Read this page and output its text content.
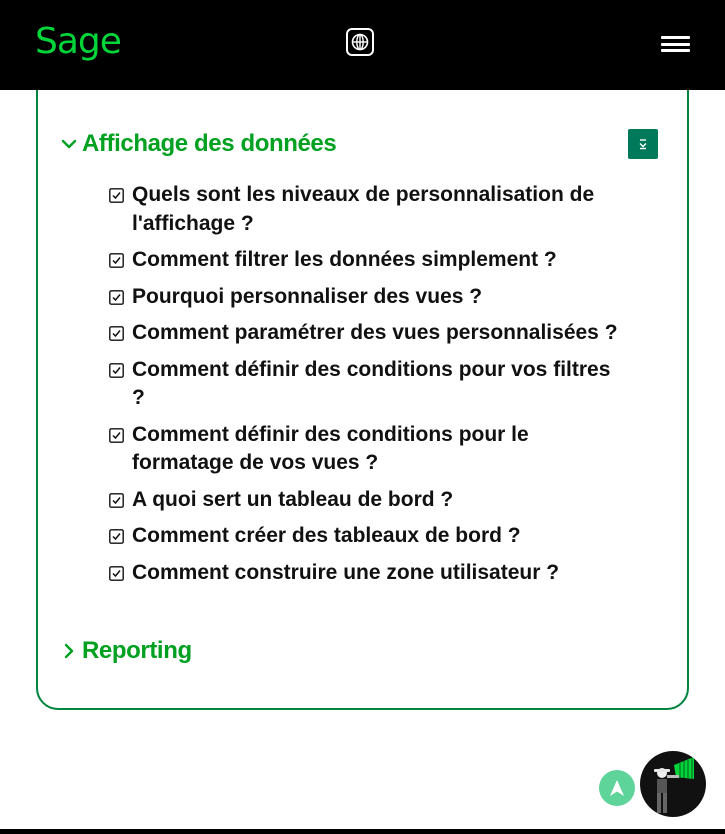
Sage
Affichage des données
Quels sont les niveaux de personnalisation de l'affichage ?
Comment filtrer les données simplement ?
Pourquoi personnaliser des vues ?
Comment paramétrer des vues personnalisées ?
Comment définir des conditions pour vos filtres ?
Comment définir des conditions pour le formatage de vos vues ?
A quoi sert un tableau de bord ?
Comment créer des tableaux de bord ?
Comment construire une zone utilisateur ?
Reporting
